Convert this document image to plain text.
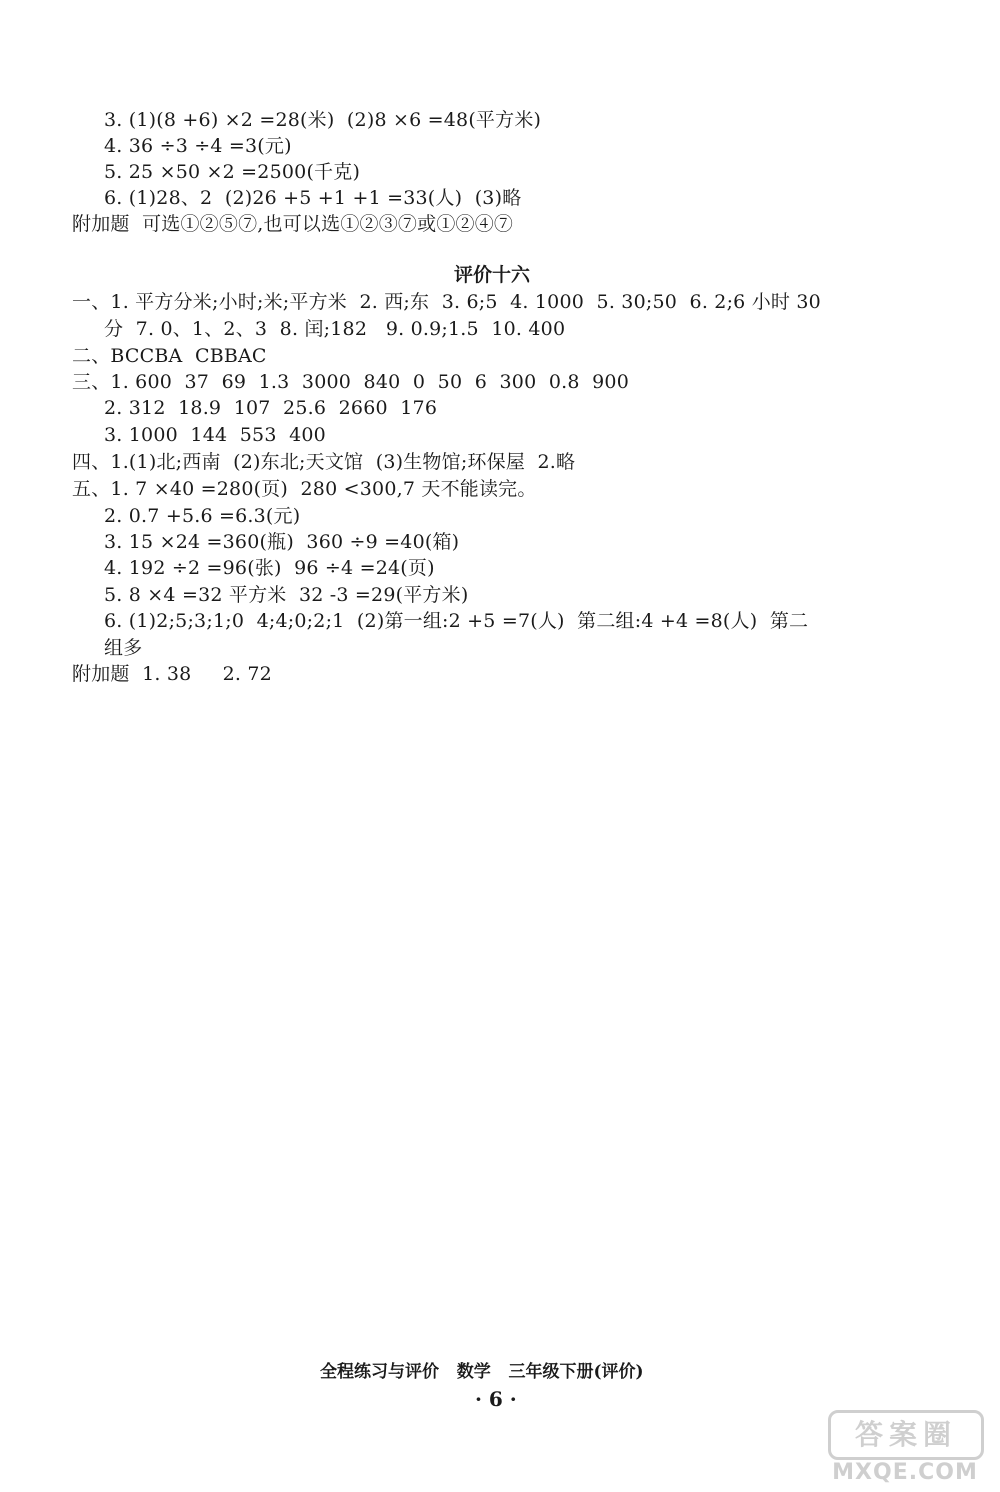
3. (1)(8 +6) ×2 =28(米)  (2)8 ×6 =48(平方米)
4. 36 ÷3 ÷4 =3(元)
5. 25 ×50 ×2 =2500(千克)
6. (1)28、2  (2)26 +5 +1 +1 =33(人)  (3)略
附加题  可选①②⑤⑦,也可以选①②③⑦或①②④⑦
评价十六
一、1. 平方分米;小时;米;平方米  2. 西;东  3. 6;5  4. 1000  5. 30;50  6. 2;6 小时 30
分  7. 0、1、2、3  8. 闰;182   9. 0.9;1.5  10. 400
二、BCCBA  CBBAC
三、1. 600  37  69  1.3  3000  840  0  50  6  300  0.8  900
2. 312  18.9  107  25.6  2660  176
3. 1000  144  553  400
四、1.(1)北;西南  (2)东北;天文馆  (3)生物馆;环保屋  2.略
五、1. 7 ×40 =280(页)  280 <300,7 天不能读完。
2. 0.7 +5.6 =6.3(元)
3. 15 ×24 =360(瓶)  360 ÷9 =40(箱)
4. 192 ÷2 =96(张)  96 ÷4 =24(页)
5. 8 ×4 =32 平方米  32 -3 =29(平方米)
6. (1)2;5;3;1;0  4;4;0;2;1  (2)第一组:2 +5 =7(人)  第二组:4 +4 =8(人)  第二
组多
附加题  1. 38     2. 72
全程练习与评价   数学   三年级下册(评价)
· 6 ·
答案圈
MXQE.COM
